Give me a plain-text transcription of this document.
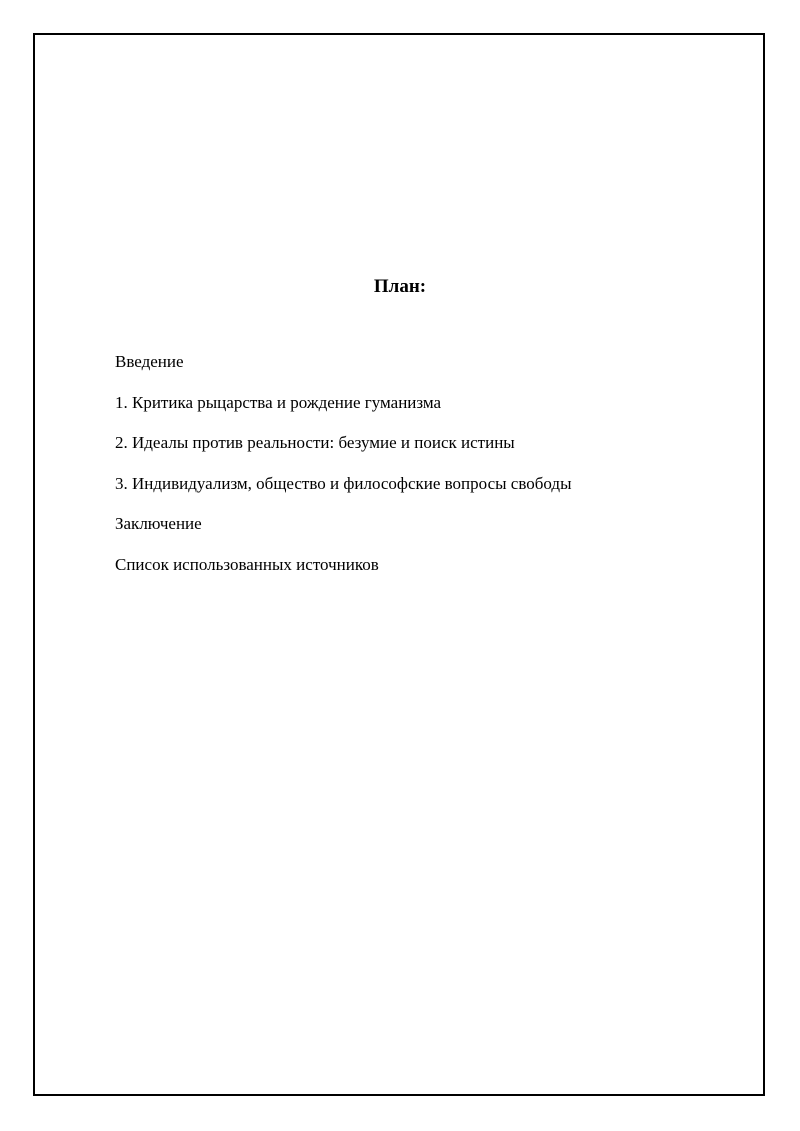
План:
Введение
1. Критика рыцарства и рождение гуманизма
2. Идеалы против реальности: безумие и поиск истины
3. Индивидуализм, общество и философские вопросы свободы
Заключение
Список использованных источников
